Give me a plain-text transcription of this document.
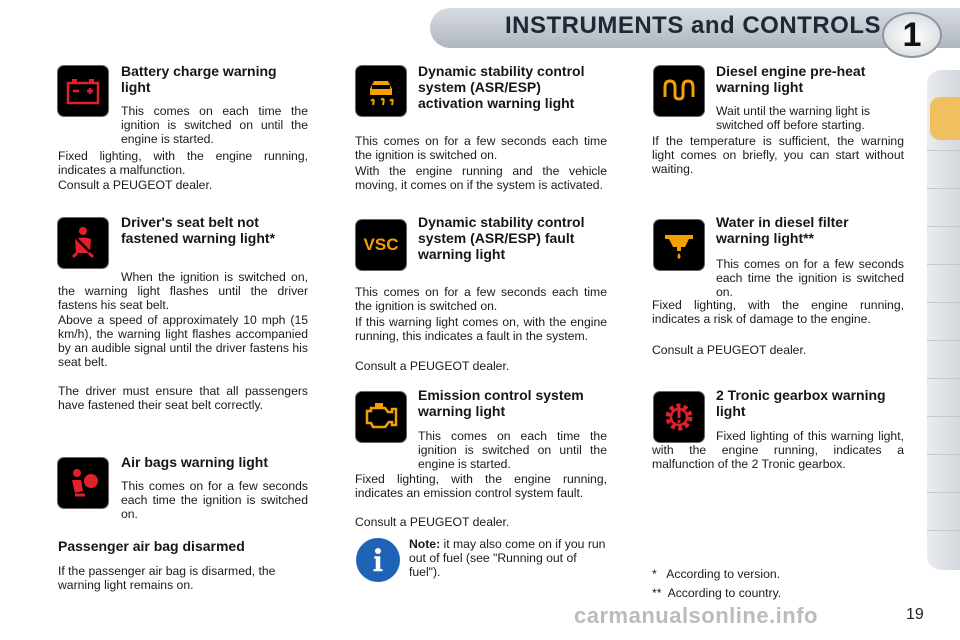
INSTRUMENTS and CONTROLS 1
Battery charge warning light
This comes on each time the ignition is switched on until the engine is started.
Fixed lighting, with the engine running, indicates a malfunction.
Consult a PEUGEOT dealer.
Driver's seat belt not fastened warning light*
When the ignition is switched on, the warning light flashes until the driver fastens his seat belt.
Above a speed of approximately 10 mph (15 km/h), the warning light flashes accompanied by an audible signal until the driver fastens his seat belt.
The driver must ensure that all passengers have fastened their seat belt correctly.
Air bags warning light
This comes on for a few seconds each time the ignition is switched on.
Passenger air bag disarmed
If the passenger air bag is disarmed, the warning light remains on.
Dynamic stability control system (ASR/ESP) activation warning light
This comes on for a few seconds each time the ignition is switched on.
With the engine running and the vehicle moving, it comes on if the system is activated.
VSC
Dynamic stability control system (ASR/ESP) fault warning light
This comes on for a few seconds each time the ignition is switched on.
If this warning light comes on, with the engine running, this indicates a fault in the system.
Consult a PEUGEOT dealer.
Emission control system warning light
This comes on each time the ignition is switched on until the engine is started.
Fixed lighting, with the engine running, indicates an emission control system fault.
Consult a PEUGEOT dealer.
Note: it may also come on if you run out of fuel (see "Running out of fuel").
Diesel engine pre-heat warning light
Wait until the warning light is switched off before starting.
If the temperature is sufficient, the warning light comes on briefly, you can start without waiting.
Water in diesel filter warning light**
This comes on for a few seconds each time the ignition is switched on.
Fixed lighting, with the engine running, indicates a risk of damage to the engine.
Consult a PEUGEOT dealer.
2 Tronic gearbox warning light
Fixed lighting of this warning light, with the engine running, indicates a malfunction of the 2 Tronic gearbox.
*   According to version.
**  According to country.
carmanualsonline.info	19
